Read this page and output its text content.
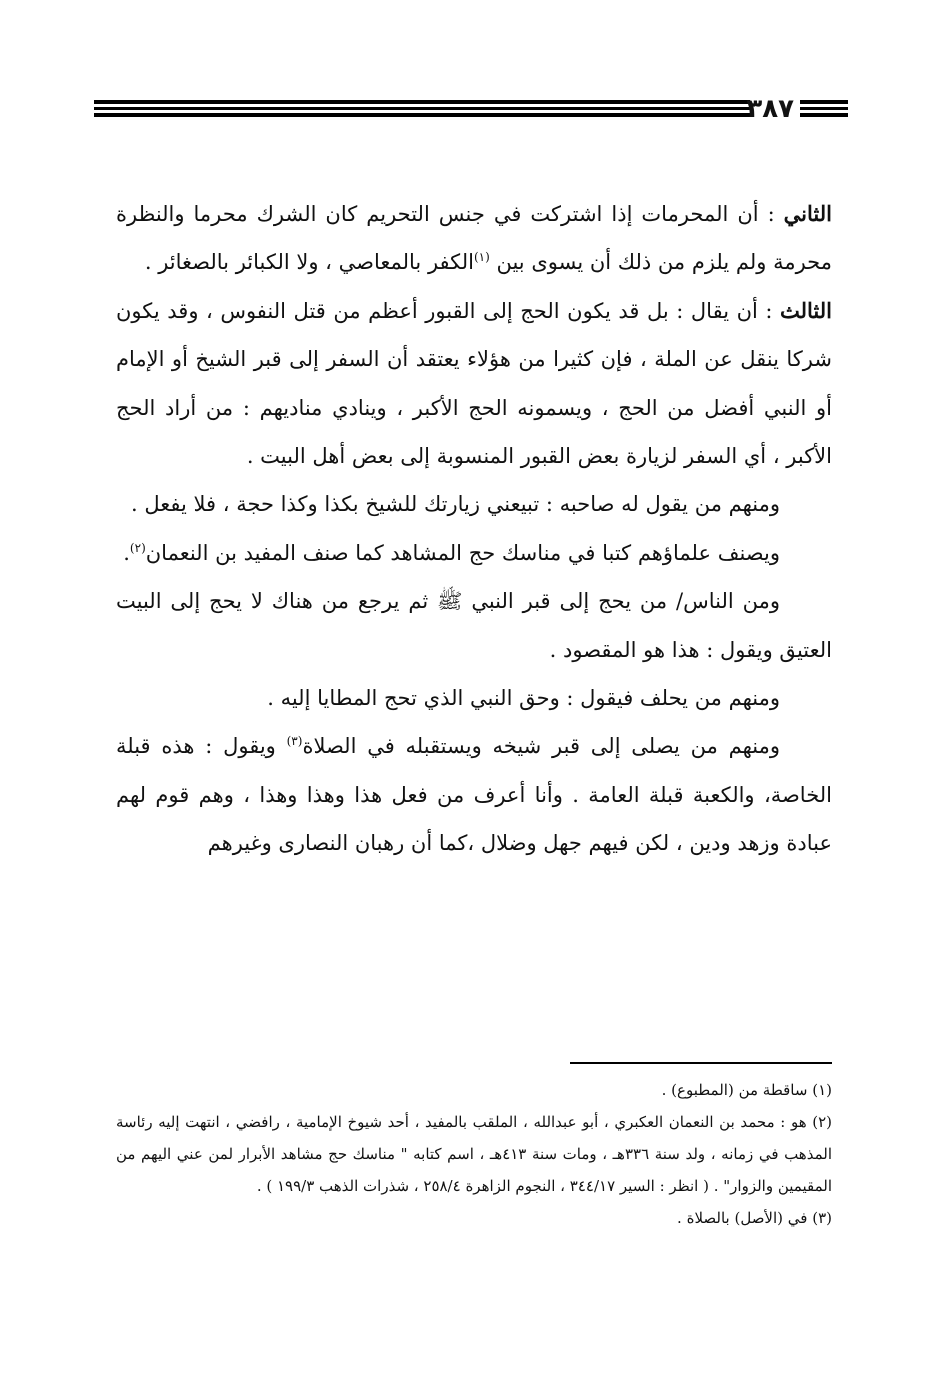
٣٨٧

الثاني : أن المحرمات إذا اشتركت في جنس التحريم كان الشرك محرما والنظرة محرمة ولم يلزم من ذلك أن يسوى بين $^{(١)}$الكفر بالمعاصي ، ولا الكبائر بالصغائر .

الثالث : أن يقال : بل قد يكون الحج إلى القبور أعظم من قتل النفوس ، وقد يكون شركا ينقل عن الملة ، فإن كثيرا من هؤلاء يعتقد أن السفر إلى قبر الشيخ أو الإمام أو النبي أفضل من الحج ، ويسمونه الحج الأكبر ، وينادي مناديهم : من أراد الحج الأكبر ، أي السفر لزيارة بعض القبور المنسوبة إلى بعض أهل البيت .

ومنهم من يقول له صاحبه : تبيعني زيارتك للشيخ بكذا وكذا حجة ، فلا يفعل .

ويصنف علماؤهم كتبا في مناسك حج المشاهد كما صنف المفيد بن النعمان$^{(٢)}$.

ومن الناس/ من يحج إلى قبر النبي ﷺ ثم يرجع من هناك لا يحج إلى البيت العتيق ويقول : هذا هو المقصود .

ومنهم من يحلف فيقول : وحق النبي الذي تحج المطايا إليه .

ومنهم من يصلى إلى قبر شيخه ويستقبله في الصلاة$^{(٣)}$ ويقول : هذه قبلة الخاصة، والكعبة قبلة العامة . وأنا أعرف من فعل هذا وهذا وهذا ، وهم قوم لهم عبادة وزهد ودين ، لكن فيهم جهل وضلال ،كما أن رهبان النصارى وغيرهم

(١) ساقطة من (المطبوع) .

(٢) هو : محمد بن النعمان العكبري ، أبو عبدالله ، الملقب بالمفيد ، أحد شيوخ الإمامية ، رافضي ، انتهت إليه رئاسة المذهب في زمانه ، ولد سنة ٣٣٦هـ ، ومات سنة ٤١٣هـ ، اسم كتابه " مناسك حج مشاهد الأبرار لمن عني اليهم من المقيمين والزوار" . ( انظر : السير ٣٤٤/١٧ ، النجوم الزاهرة ٢٥٨/٤ ، شذرات الذهب ١٩٩/٣ ) .

(٣) في (الأصل) بالصلاة .
